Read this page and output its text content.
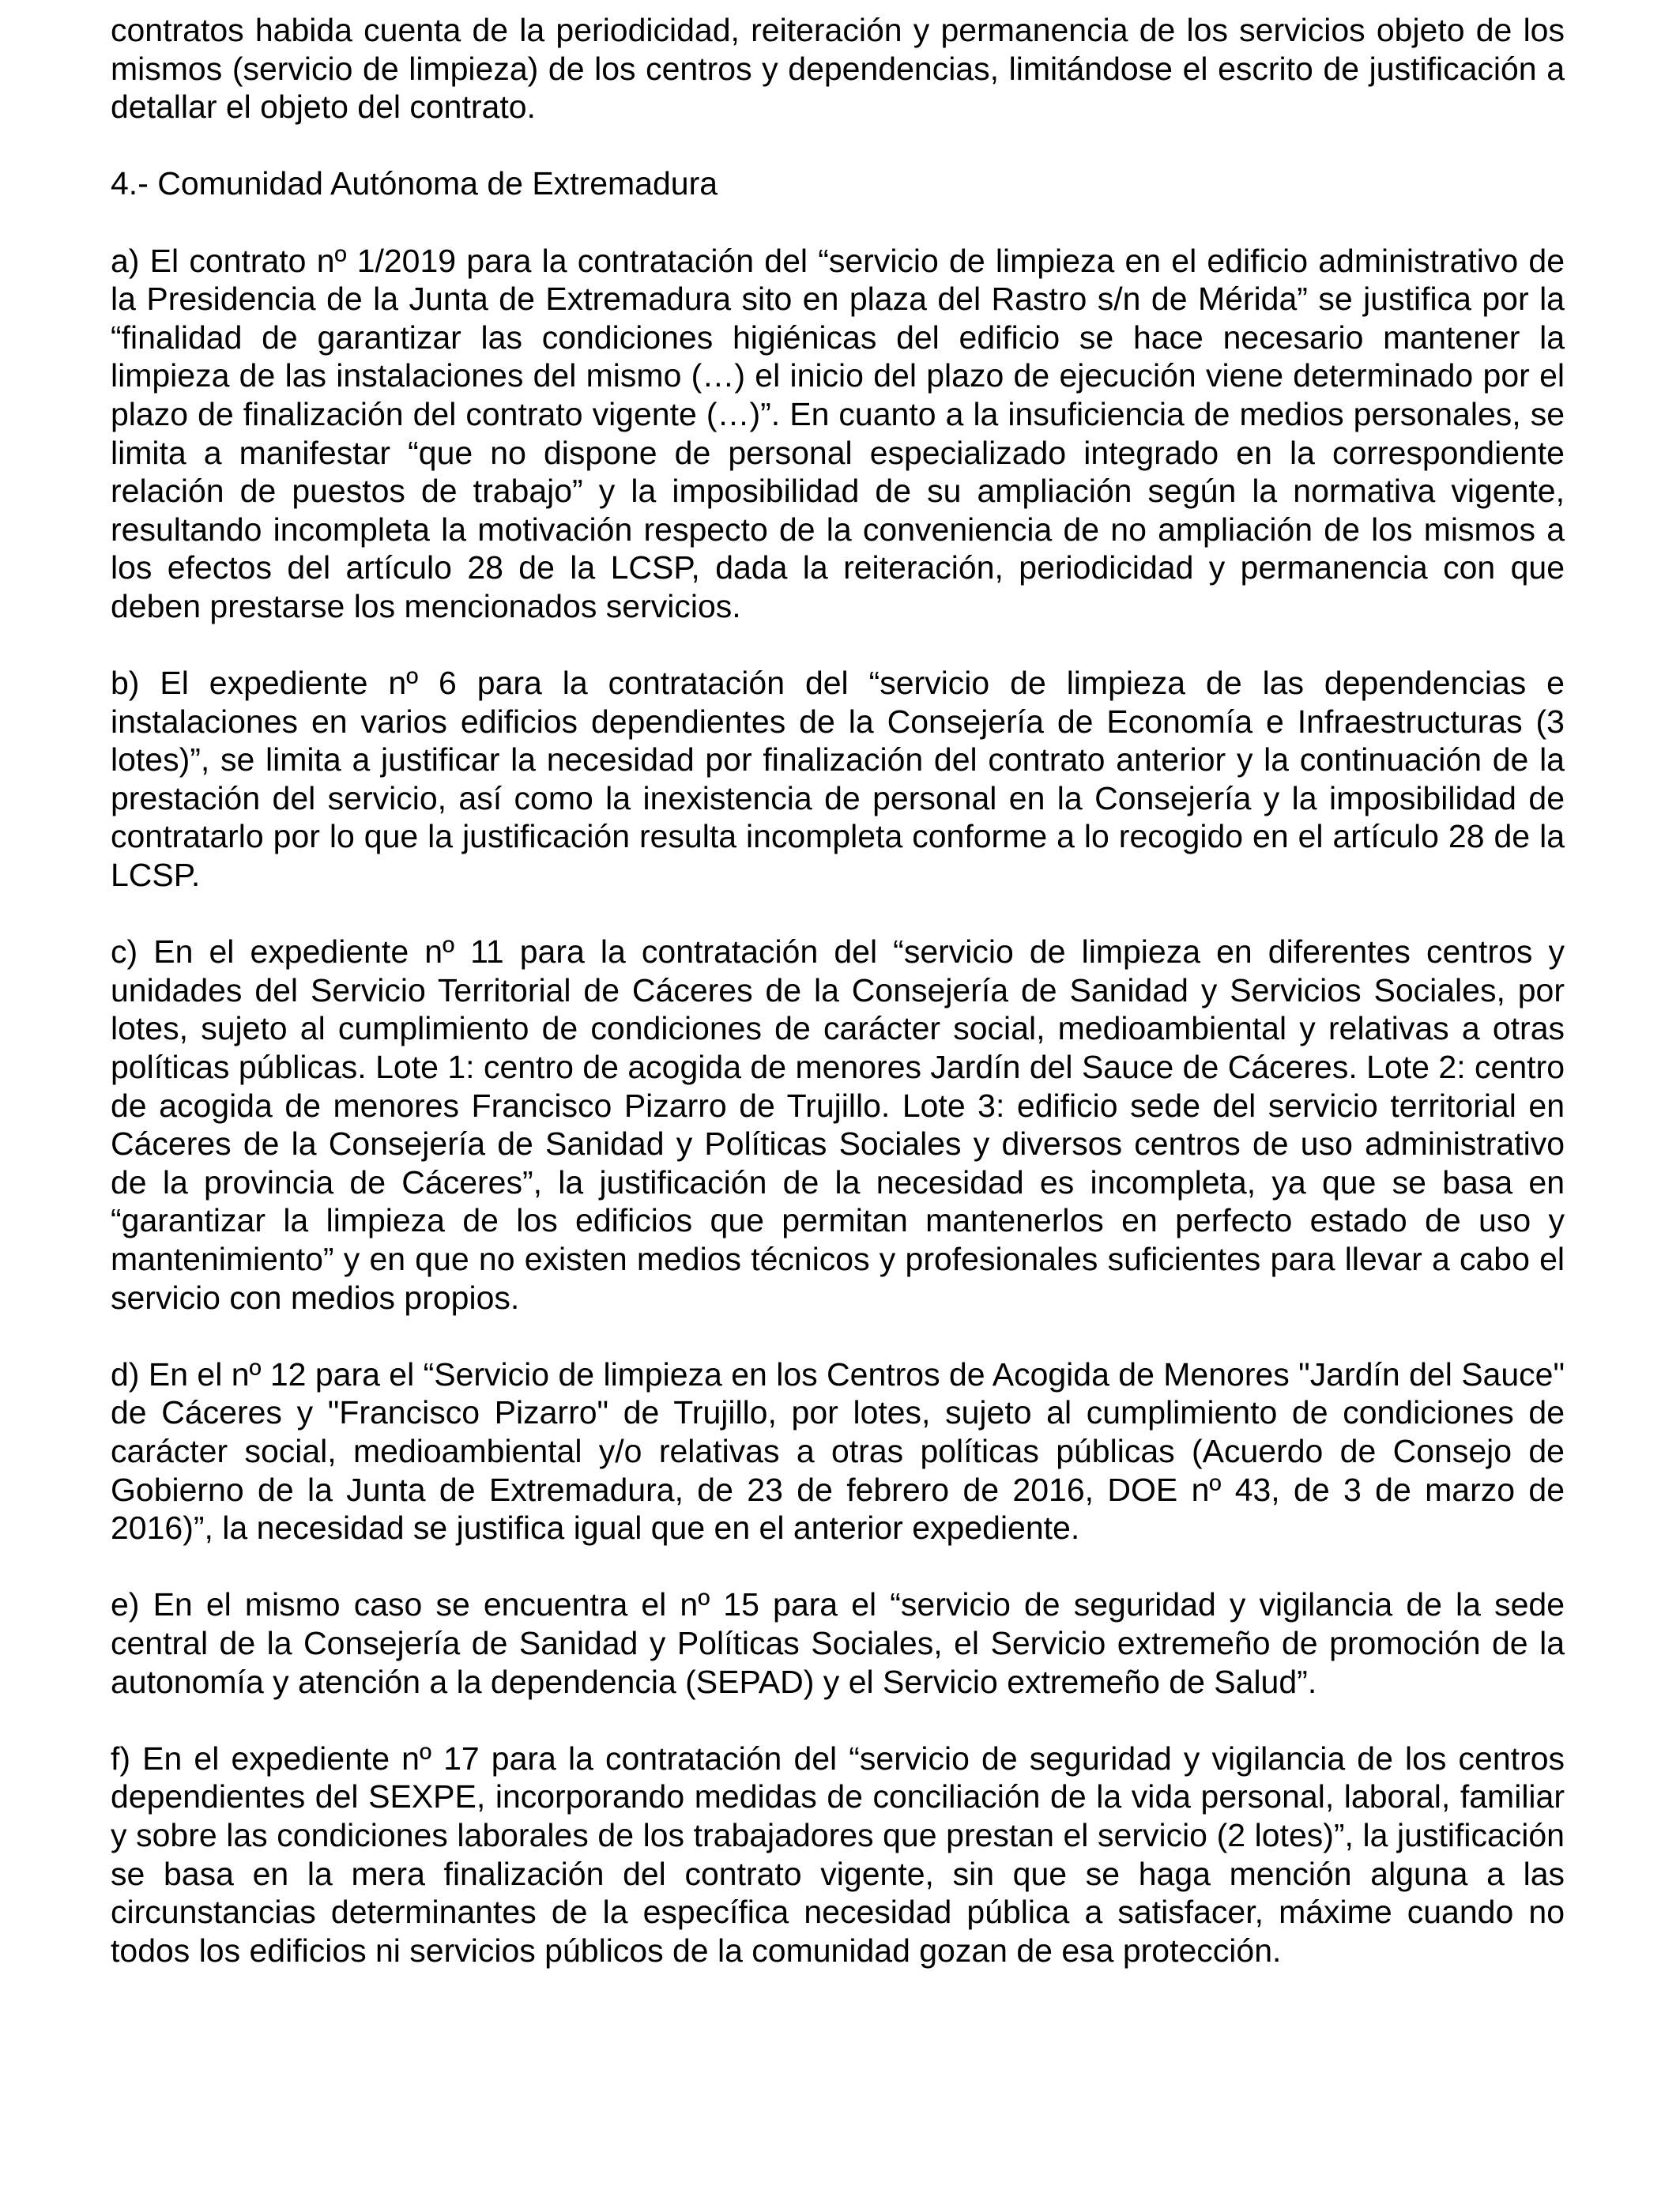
contratos habida cuenta de la periodicidad, reiteración y permanencia de los servicios objeto de los mismos (servicio de limpieza) de los centros y dependencias, limitándose el escrito de justificación a detallar el objeto del contrato.

4.- Comunidad Autónoma de Extremadura

a) El contrato nº 1/2019 para la contratación del “servicio de limpieza en el edificio administrativo de la Presidencia de la Junta de Extremadura sito en plaza del Rastro s/n de Mérida” se justifica por la “finalidad de garantizar las condiciones higiénicas del edificio se hace necesario mantener la limpieza de las instalaciones del mismo (…) el inicio del plazo de ejecución viene determinado por el plazo de finalización del contrato vigente (…)”. En cuanto a la insuficiencia de medios personales, se limita a manifestar “que no dispone de personal especializado integrado en la correspondiente relación de puestos de trabajo” y la imposibilidad de su ampliación según la normativa vigente, resultando incompleta la motivación respecto de la conveniencia de no ampliación de los mismos a los efectos del artículo 28 de la LCSP, dada la reiteración, periodicidad y permanencia con que deben prestarse los mencionados servicios.

b) El expediente nº 6 para la contratación del “servicio de limpieza de las dependencias e instalaciones en varios edificios dependientes de la Consejería de Economía e Infraestructuras (3 lotes)”, se limita a justificar la necesidad por finalización del contrato anterior y la continuación de la prestación del servicio, así como la inexistencia de personal en la Consejería y la imposibilidad de contratarlo por lo que la justificación resulta incompleta conforme a lo recogido en el artículo 28 de la LCSP.

c) En el expediente nº 11 para la contratación del “servicio de limpieza en diferentes centros y unidades del Servicio Territorial de Cáceres de la Consejería de Sanidad y Servicios Sociales, por lotes, sujeto al cumplimiento de condiciones de carácter social, medioambiental y relativas a otras políticas públicas. Lote 1: centro de acogida de menores Jardín del Sauce de Cáceres. Lote 2: centro de acogida de menores Francisco Pizarro de Trujillo. Lote 3: edificio sede del servicio territorial en Cáceres de la Consejería de Sanidad y Políticas Sociales y diversos centros de uso administrativo de la provincia de Cáceres”, la justificación de la necesidad es incompleta, ya que se basa en “garantizar la limpieza de los edificios que permitan mantenerlos en perfecto estado de uso y mantenimiento” y en que no existen medios técnicos y profesionales suficientes para llevar a cabo el servicio con medios propios.

d) En el nº 12 para el “Servicio de limpieza en los Centros de Acogida de Menores "Jardín del Sauce" de Cáceres y "Francisco Pizarro" de Trujillo, por lotes, sujeto al cumplimiento de condiciones de carácter social, medioambiental y/o relativas a otras políticas públicas (Acuerdo de Consejo de Gobierno de la Junta de Extremadura, de 23 de febrero de 2016, DOE nº 43, de 3 de marzo de 2016)”, la necesidad se justifica igual que en el anterior expediente.

e) En el mismo caso se encuentra el nº 15 para el “servicio de seguridad y vigilancia de la sede central de la Consejería de Sanidad y Políticas Sociales, el Servicio extremeño de promoción de la autonomía y atención a la dependencia (SEPAD) y el Servicio extremeño de Salud”.

f) En el expediente nº 17 para la contratación del “servicio de seguridad y vigilancia de los centros dependientes del SEXPE, incorporando medidas de conciliación de la vida personal, laboral, familiar y sobre las condiciones laborales de los trabajadores que prestan el servicio (2 lotes)”, la justificación se basa en la mera finalización del contrato vigente, sin que se haga mención alguna a las circunstancias determinantes de la específica necesidad pública a satisfacer, máxime cuando no todos los edificios ni servicios públicos de la comunidad gozan de esa protección.
